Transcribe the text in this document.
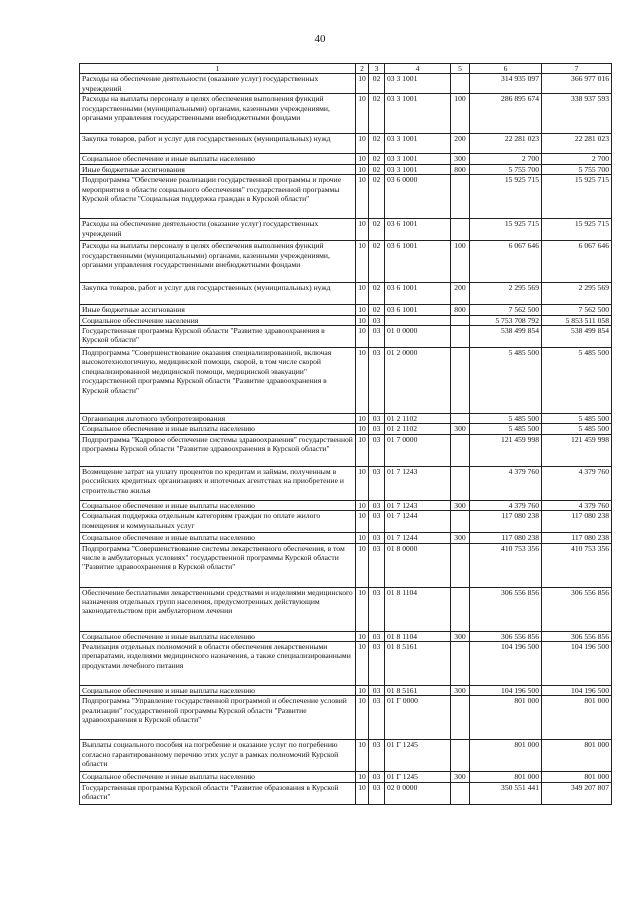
40
1	2	3	4	5	6	7
Расходы на обеспечение деятельности (оказание услуг) государственных учреждений	10	02	03 3 1001		314 935 097	366 977 016
Расходы на выплаты персоналу в целях обеспечения выполнения функций государственными (муниципальными) органами, казенными учреждениями, органами управления государственными внебюджетными фондами	10	02	03 3 1001	100	286 895 674	338 937 593
Закупка товаров, работ и услуг для государственных (муниципальных) нужд	10	02	03 3 1001	200	22 281 023	22 281 023
Социальное обеспечение и иные выплаты населению	10	02	03 3 1001	300	2 700	2 700
Иные бюджетные ассигнования	10	02	03 3 1001	800	5 755 700	5 755 700
Подпрограмма "Обеспечение реализации государственной программы и прочие мероприятия в области социального обеспечения" государственной программы Курской области "Социальная поддержка граждан в Курской области"	10	02	03 6 0000		15 925 715	15 925 715
Расходы на обеспечение деятельности (оказание услуг) государственных учреждений	10	02	03 6 1001		15 925 715	15 925 715
Расходы на выплаты персоналу в целях обеспечения выполнения функций государственными (муниципальными) органами, казенными учреждениями, органами управления государственными внебюджетными фондами	10	02	03 6 1001	100	6 067 646	6 067 646
Закупка товаров, работ и услуг для государственных (муниципальных) нужд	10	02	03 6 1001	200	2 295 569	2 295 569
Иные бюджетные ассигнования	10	02	03 6 1001	800	7 562 500	7 562 500
Социальное обеспечение населения	10	03			5 753 708 792	5 853 511 058
Государственная программа Курской области "Развитие здравоохранения в Курской области"	10	03	01 0 0000		538 499 854	538 499 854
Подпрограмма "Совершенствование оказания специализированной, включая высокотехнологичную, медицинской помощи, скорой, в том числе скорой специализированной медицинской помощи, медицинской эвакуации" государственной программы Курской области "Развитие здравоохранения в Курской области"	10	03	01 2 0000		5 485 500	5 485 500
Организация льготного зубопротезирования	10	03	01 2 1102		5 485 500	5 485 500
Социальное обеспечение и иные выплаты населению	10	03	01 2 1102	300	5 485 500	5 485 500
Подпрограмма "Кадровое обеспечение системы здравоохранения" государственной программы Курской области "Развитие здравоохранения в Курской области"	10	03	01 7 0000		121 459 998	121 459 998
Возмещение затрат на уплату процентов по кредитам и займам, полученным в российских кредитных организациях и ипотечных агентствах на приобретение и строительство жилья	10	03	01 7 1243		4 379 760	4 379 760
Социальное обеспечение и иные выплаты населению	10	03	01 7 1243	300	4 379 760	4 379 760
Социальная поддержка отдельным категориям граждан по оплате жилого помещения и коммунальных услуг	10	03	01 7 1244		117 080 238	117 080 238
Социальное обеспечение и иные выплаты населению	10	03	01 7 1244	300	117 080 238	117 080 238
Подпрограмма "Совершенствование системы лекарственного обеспечения, в том числе в амбулаторных условиях" государственной программы Курской области "Развитие здравоохранения в Курской области"	10	03	01 8 0000		410 753 356	410 753 356
Обеспечение бесплатными лекарственными средствами и изделиями медицинского назначения отдельных групп населения, предусмотренных действующим законодательством при амбулаторном лечении	10	03	01 8 1104		306 556 856	306 556 856
Социальное обеспечение и иные выплаты населению	10	03	01 8 1104	300	306 556 856	306 556 856
Реализация отдельных полномочий в области обеспечения лекарственными препаратами, изделиями медицинского назначения, а также специализированными продуктами лечебного питания	10	03	01 8 5161		104 196 500	104 196 500
Социальное обеспечение и иные выплаты населению	10	03	01 8 5161	300	104 196 500	104 196 500
Подпрограмма "Управление государственной программой и обеспечение условий реализации" государственной программы Курской области "Развитие здравоохранения в Курской области"	10	03	01 Г 0000		801 000	801 000
Выплаты социального пособия на погребение и оказание услуг по погребению согласно гарантированному перечню этих услуг в рамках полномочий Курской области	10	03	01 Г 1245		801 000	801 000
Социальное обеспечение и иные выплаты населению	10	03	01 Г 1245	300	801 000	801 000
Государственная программа Курской области "Развитие образования в Курской области"	10	03	02 0 0000		350 551 441	349 207 807
